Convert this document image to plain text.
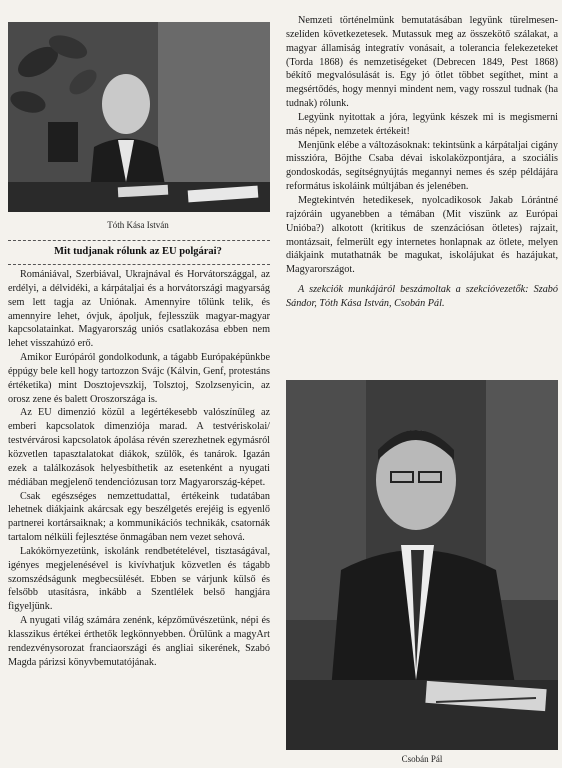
Tóth Kása István
Mit tudjanak rólunk az EU polgárai?

Romániával, Szerbiával, Ukrajnával és Horvátországgal, az erdélyi, a délvidéki, a kárpátaljai és a horvátországi magyarság sem lett tagja az Uniónak. Amennyire tőlünk telik, és amennyire lehet, óvjuk, ápoljuk, fejlesszük magyar-magyar kapcsolatainkat. Magyarország uniós csatlakozása ebben nem lehet visszahúzó erő.

Amikor Európáról gondolkodunk, a tágabb Európaképünkbe éppúgy bele kell hogy tartozzon Svájc (Kálvin, Genf, protestáns értéketika) mint Dosztojevszkij, Tolsztoj, Szolzsenyicin, az orosz zene és balett Oroszországa is.

Az EU dimenzió közül a legértékesebb valószínűleg az emberi kapcsolatok dimenziója marad. A testvériskolai/ testvérvárosi kapcsolatok ápolása révén szerezhetnek egymásról közvetlen tapasztalatokat diákok, szülők, és tanárok. Igazán ezek a találkozások helyesbíthetik az esetenként a nyugati médiában megjelenő tendenciózusan torz Magyarország-képet.

Csak egészséges nemzettudattal, értékeink tudatában lehetnek diákjaink akárcsak egy beszélgetés erejéig is egyenlő partnerei kortársaiknak; a kommunikációs technikák, csatornák tartalom nélküli fejlesztése önmagában nem vezet sehová.

Lakókörnyezetünk, iskolánk rendbetételével, tisztaságával, igényes megjelenésével is kivívhatjuk közvetlen és tágabb szomszédságunk megbecsülését. Ebben se várjunk külső és felsőbb utasításra, inkább a Szentlélek belső hangjára figyeljünk.

A nyugati világ számára zenénk, képzőművészetünk, népi és klasszikus értékei érthetők legkönnyebben. Örülünk a magyArt rendezvénysorozat franciaországi és angliai sikerének, Szabó Magda párizsi könyvbemutatójának.

Nemzeti történelmünk bemutatásában legyünk türelmesen-szelíden következetesek. Mutassuk meg az összekötő szálakat, a magyar államiság integratív vonásait, a toleranciа felekezeteket (Torda 1868) és nemzetiségeket (Debrecen 1849, Pest 1868) békítő megvalósulását is. Egy jó ötlet többet segíthet, mint a megsértődés, hogy mennyi mindent nem, vagy rosszul tudnak (ha tudnak) rólunk.

Legyünk nyitottak a jóra, legyünk készek mi is megismerni más népek, nemzetek értékeit!

Menjünk elébe a változásoknak: tekintsünk a kárpátaljai cigány misszióra, Böjthe Csaba dévai iskolaközpontjára, a szociális gondoskodás, segítségnyújtás megannyi nemes és szép példájára református iskoláink múltjában és jelenében.

Megtekintvén hetedikesek, nyolcadikosok Jakab Lórántné rajzóráin ugyanebben a témában (Mit viszünk az Európai Unióba?) alkotott (kritikus de szenzációsan ötletes) rajzait, montázsait, felmerült egy internetes honlapnak az ötlete, melyen diákjaink mutathatnák be magukat, iskolájukat és hazájukat, Magyarországot.

A szekciók munkájáról beszámoltak a szekcióvezetők: Szabó Sándor, Tóth Kása István, Csobán Pál.

Csobán Pál
